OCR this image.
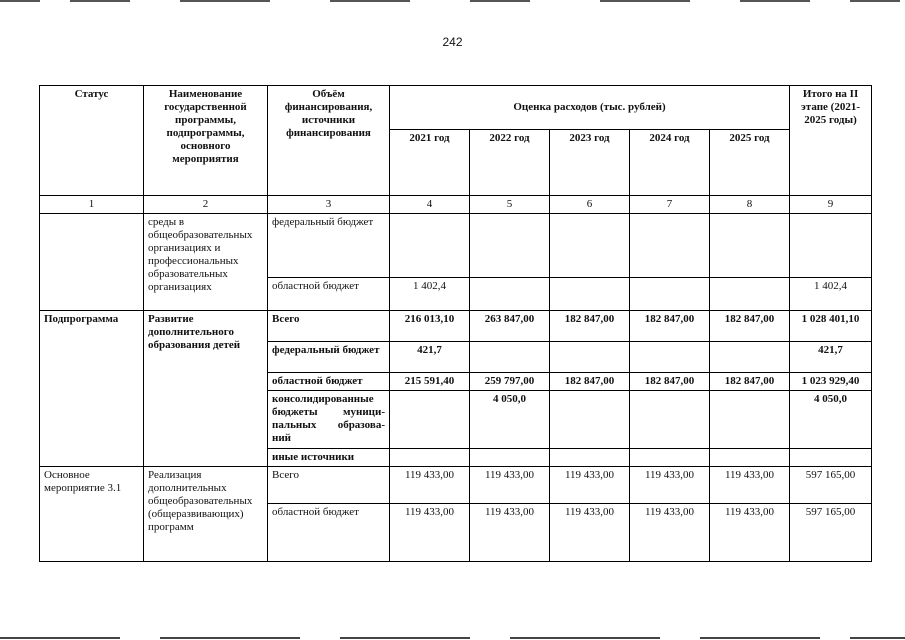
242
Статус	Наименование государственной программы, подпрограммы, основного мероприятия	Объём финансирования, источники финансирования	Оценка расходов (тыс. рублей)					Итого на II этапе (2021-2025 годы)
			2021 год	2022 год	2023 год	2024 год	2025 год	
1	2	3	4	5	6	7	8	9
	среды в общеобразовательных организациях и профессиональных образовательных организациях	федеральный бюджет						
		областной бюджет	1 402,4					1 402,4
Подпрограмма	Развитие дополнительного образования детей	Всего	216 013,10	263 847,00	182 847,00	182 847,00	182 847,00	1 028 401,10
		федеральный бюджет	421,7					421,7
		областной бюджет	215 591,40	259 797,00	182 847,00	182 847,00	182 847,00	1 023 929,40
		консолидированные бюджеты муници-пальных образова-ний		4 050,0				4 050,0
		иные источники						
Основное мероприятие 3.1	Реализация дополнительных общеобразовательных (общеразвивающих) программ	Всего	119 433,00	119 433,00	119 433,00	119 433,00	119 433,00	597 165,00
		областной бюджет	119 433,00	119 433,00	119 433,00	119 433,00	119 433,00	597 165,00
